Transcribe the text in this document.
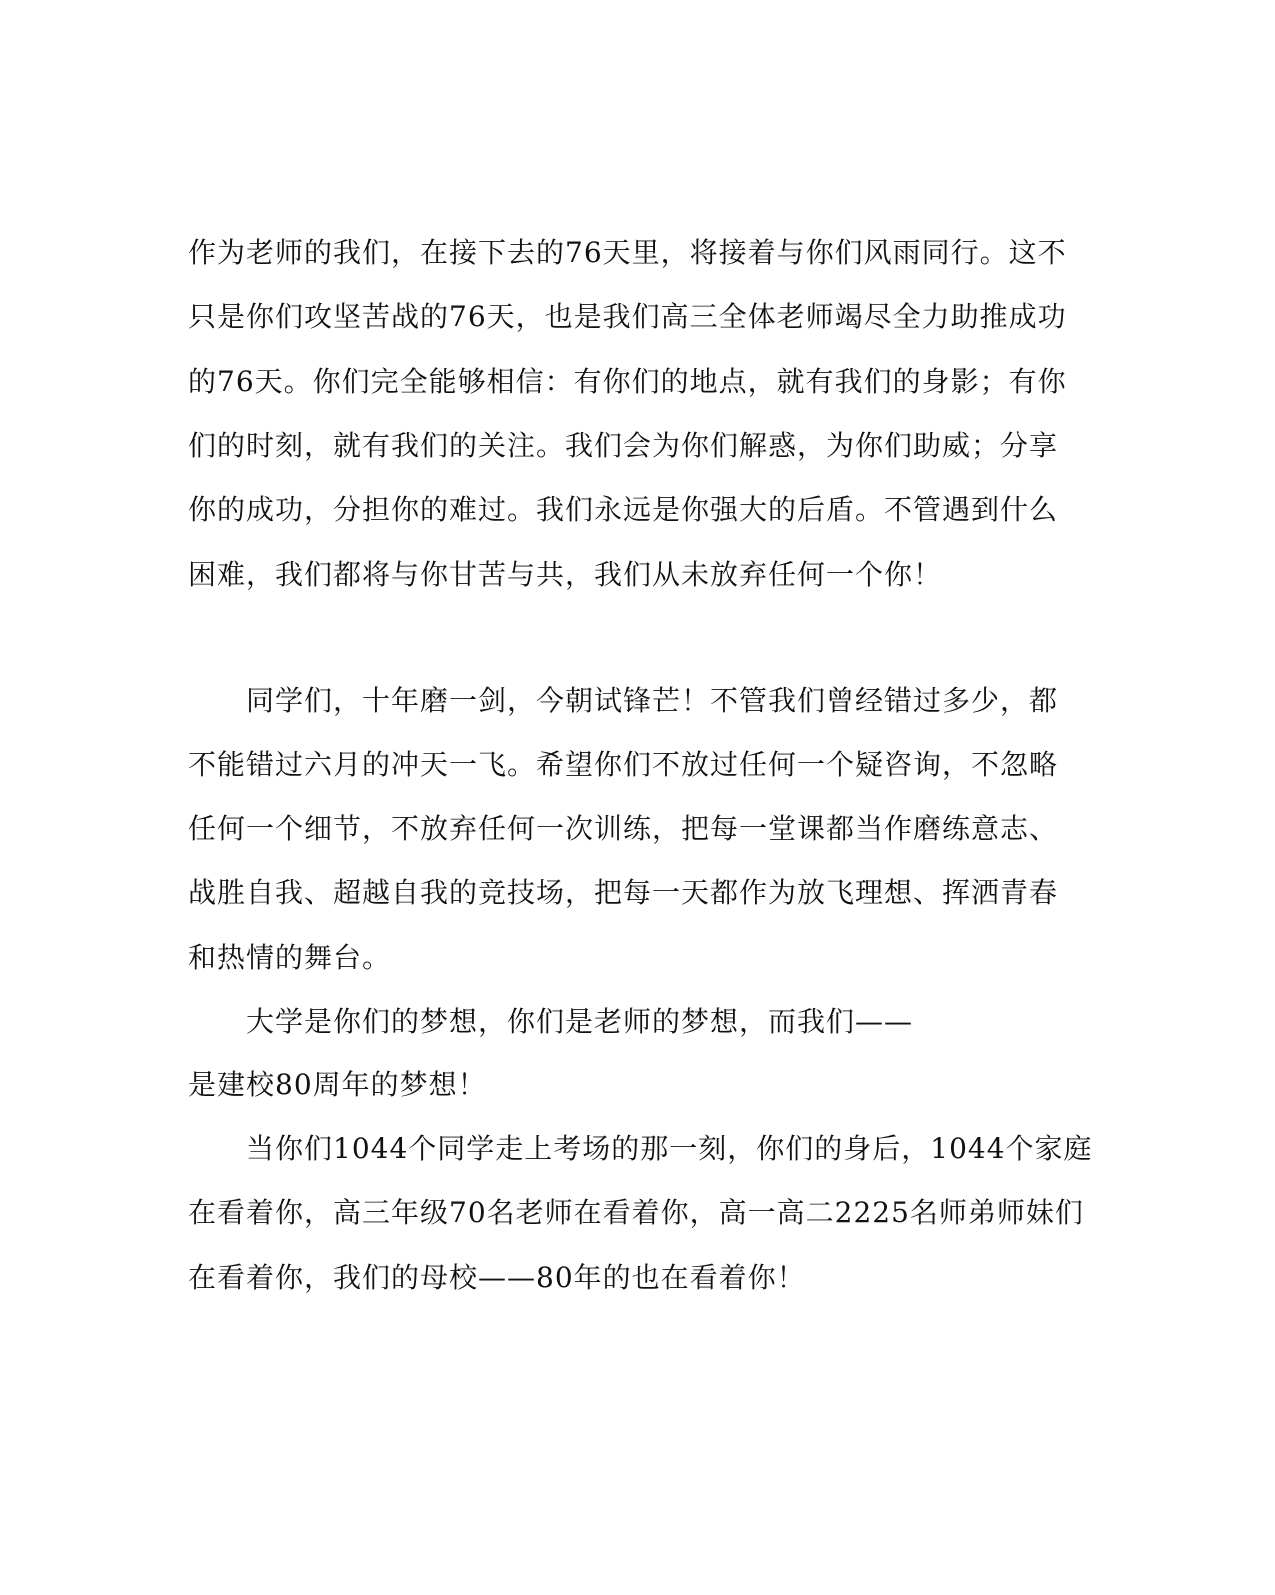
作为老师的我们，在接下去的76天里，将接着与你们风雨同行。这不
只是你们攻坚苦战的76天，也是我们高三全体老师竭尽全力助推成功
的76天。你们完全能够相信：有你们的地点，就有我们的身影；有你
们的时刻，就有我们的关注。我们会为你们解惑，为你们助威；分享
你的成功，分担你的难过。我们永远是你强大的后盾。不管遇到什么
困难，我们都将与你甘苦与共，我们从未放弃任何一个你！
同学们，十年磨一剑，今朝试锋芒！不管我们曾经错过多少，都
不能错过六月的冲天一飞。希望你们不放过任何一个疑咨询，不忽略
任何一个细节，不放弃任何一次训练，把每一堂课都当作磨练意志、
战胜自我、超越自我的竞技场，把每一天都作为放飞理想、挥洒青春
和热情的舞台。
大学是你们的梦想，你们是老师的梦想，而我们——
是建校80周年的梦想！
当你们1044个同学走上考场的那一刻，你们的身后，1044个家庭
在看着你，高三年级70名老师在看着你，高一高二2225名师弟师妹们
在看着你，我们的母校——80年的也在看着你！
